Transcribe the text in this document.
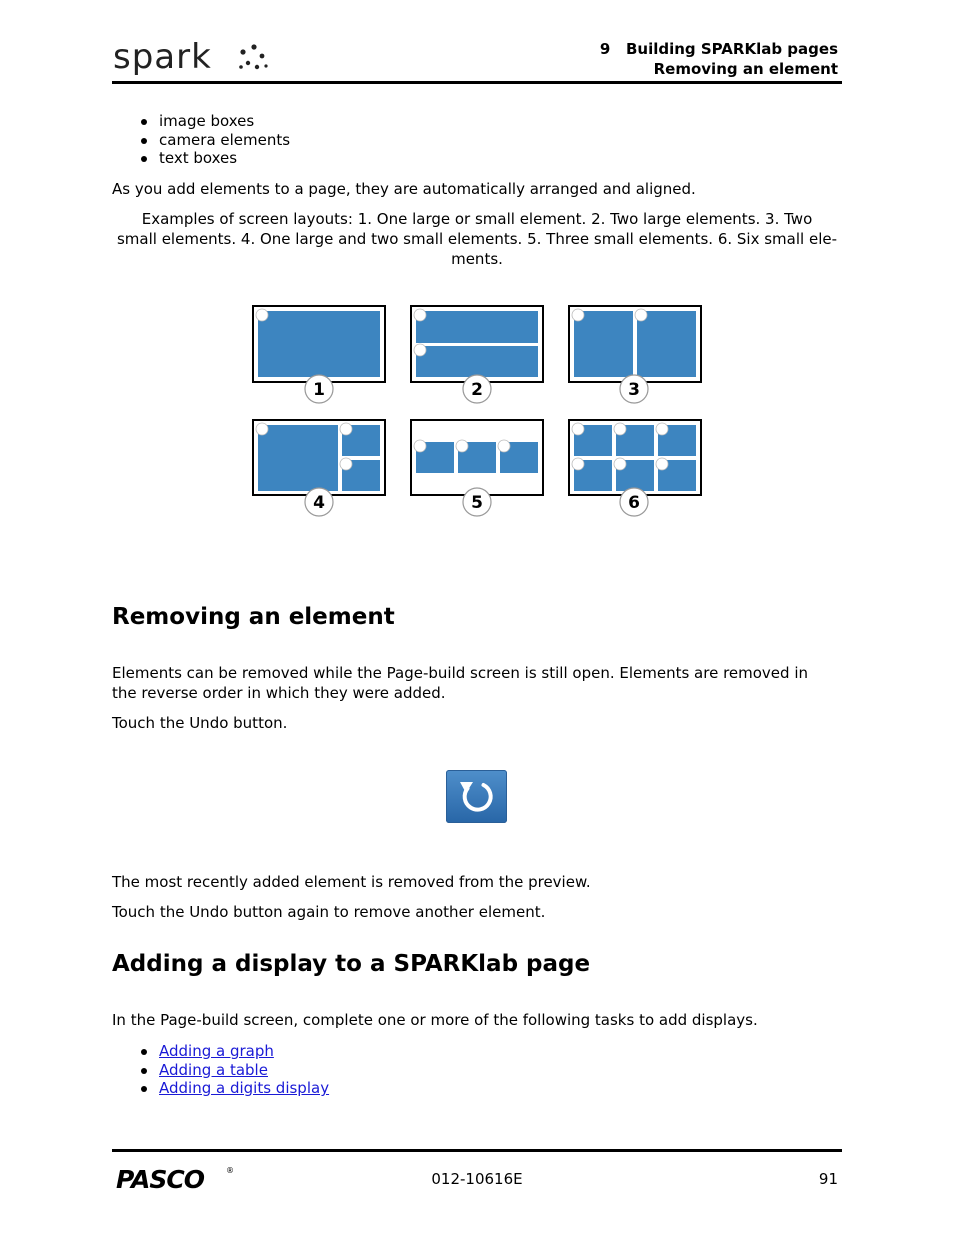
spark	9   Building SPARKlab pages
Removing an element
image boxes
camera elements
text boxes
As you add elements to a page, they are automatically arranged and aligned.
Examples of screen layouts: 1. One large or small element. 2. Two large elements. 3. Two
small elements. 4. One large and two small elements. 5. Three small elements. 6. Six small ele-
ments.
1	2	3
4	5	6
Removing an element
Elements can be removed while the Page-build screen is still open. Elements are removed in
the reverse order in which they were added.
Touch the Undo button.
The most recently added element is removed from the preview.
Touch the Undo button again to remove another element.
Adding a display to a SPARKlab page
In the Page-build screen, complete one or more of the following tasks to add displays.
Adding a graph
Adding a table
Adding a digits display
PASCO	®	012-10616E	91
